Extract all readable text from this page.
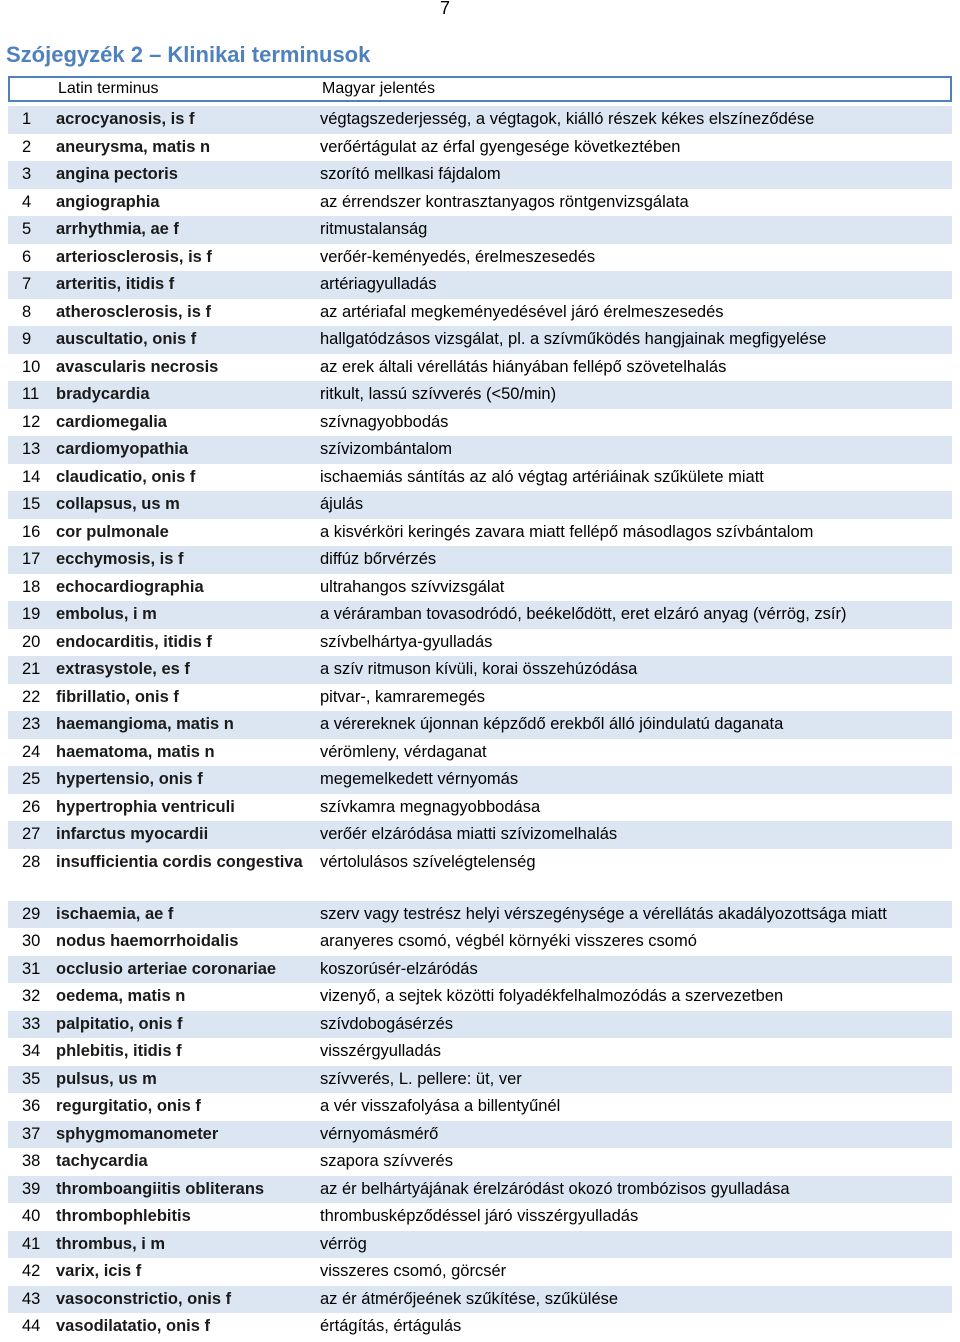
7
Szójegyzék 2 – Klinikai terminusok
Latin terminus	Magyar jelentés
1	acrocyanosis, is f	végtagszederjesség, a végtagok, kiálló részek kékes elszíneződése
2	aneurysma, matis n	verőértágulat az érfal gyengesége következtében
3	angina pectoris	szorító mellkasi fájdalom
4	angiographia	az érrendszer kontrasztanyagos röntgenvizsgálata
5	arrhythmia, ae f	ritmustalanság
6	arteriosclerosis, is f	verőér-keményedés, érelmeszesedés
7	arteritis, itidis f	artériagyulladás
8	atherosclerosis, is f	az artériafal megkeményedésével járó érelmeszesedés
9	auscultatio, onis f	hallgatódzásos vizsgálat, pl. a szívműködés hangjainak megfigyelése
10 avascularis necrosis	az erek általi vérellátás hiányában fellépő szövetelhalás
11	bradycardia	ritkult, lassú szívverés (<50/min)
12 cardiomegalia	szívnagyobbodás
13 cardiomyopathia	szívizombántalom
14 claudicatio, onis f	ischaemiás sántítás az aló végtag artériáinak szűkülete miatt
15 collapsus, us m	ájulás
16 cor pulmonale	a kisvérköri keringés zavara miatt fellépő másodlagos szívbántalom
17 ecchymosis, is f	diffúz bőrvérzés
18 echocardiographia	ultrahangos szívvizsgálat
19 embolus, i m	a véráramban tovasodródó, beékelődött, eret elzáró anyag (vérrög, zsír)
20 endocarditis, itidis f	szívbelhártya-gyulladás
21 extrasystole, es f	a szív ritmuson kívüli, korai összehúzódása
22 fibrillatio, onis f	pitvar-, kamraremegés
23 haemangioma, matis n	a vérereknek újonnan képződő erekből álló jóindulatú daganata
24 haematoma, matis n	vérömleny, vérdaganat
25 hypertensio, onis f	megemelkedett vérnyomás
26 hypertrophia ventriculi	szívkamra megnagyobbodása
27 infarctus myocardii	verőér elzáródása miatti szívizomelhalás
28 insufficientia cordis congestiva	vértolulásos szívelégtelenség
29 ischaemia, ae f	szerv vagy testrész helyi vérszegénysége a vérellátás akadályozottsága miatt
30 nodus haemorrhoidalis	aranyeres csomó, végbél környéki visszeres csomó
31 occlusio arteriae coronariae	koszorúsér-elzáródás
32 oedema, matis n	vizenyő, a sejtek közötti folyadékfelhalmozódás a szervezetben
33 palpitatio, onis f	szívdobogásérzés
34 phlebitis, itidis f	visszérgyulladás
35 pulsus, us m	szívverés, L. pellere: üt, ver
36 regurgitatio, onis f	a vér visszafolyása a billentyűnél
37 sphygmomanometer	vérnyomásmérő
38 tachycardia	szapora szívverés
39 thromboangiitis obliterans	az ér belhártyájának érelzáródást okozó trombózisos gyulladása
40 thrombophlebitis	thrombusképződéssel járó visszérgyulladás
41 thrombus, i m	vérrög
42 varix, icis f	visszeres csomó, görcsér
43 vasoconstrictio, onis f	az ér átmérőjeének szűkítése, szűkülése
44 vasodilatatio, onis f	értágítás, értágulás
